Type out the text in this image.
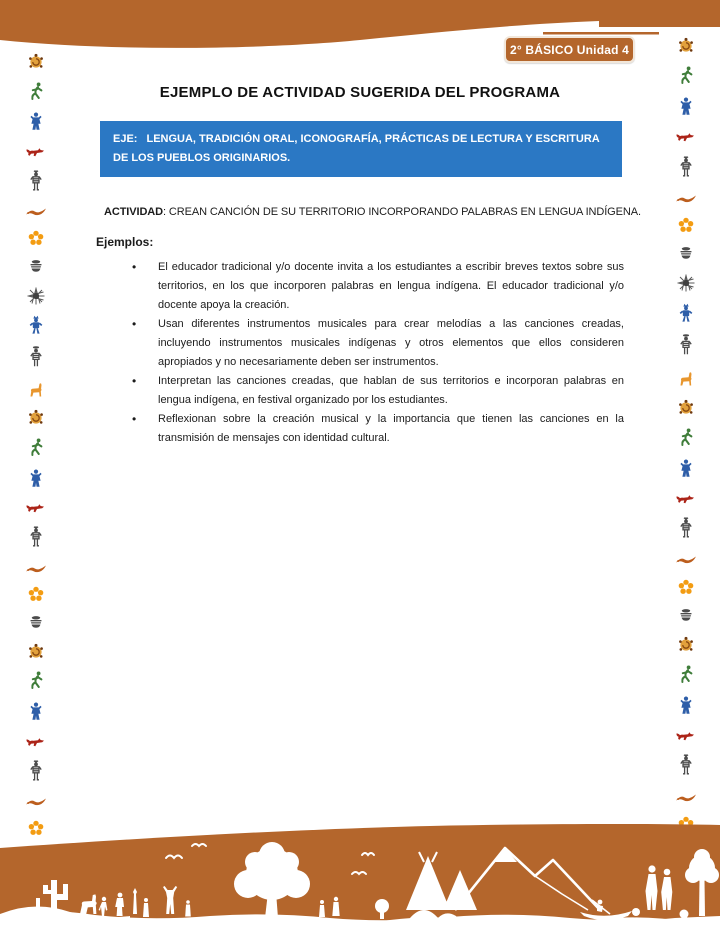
2° BÁSICO Unidad 4
EJEMPLO DE ACTIVIDAD SUGERIDA DEL PROGRAMA
EJE: LENGUA, TRADICIÓN ORAL, ICONOGRAFÍA, PRÁCTICAS DE LECTURA Y ESCRITURA DE LOS PUEBLOS ORIGINARIOS.

ACTIVIDAD: CREAN CANCIÓN DE SU TERRITORIO INCORPORANDO PALABRAS EN LENGUA INDÍGENA.

Ejemplos:

• El educador tradicional y/o docente invita a los estudiantes a escribir breves textos sobre sus territorios, en los que incorporen palabras en lengua indígena. El educador tradicional y/o docente apoya la creación.
• Usan diferentes instrumentos musicales para crear melodías a las canciones creadas, incluyendo instrumentos musicales indígenas y otros elementos que ellos consideren apropiados y no necesariamente deben ser instrumentos.
• Interpretan las canciones creadas, que hablan de sus territorios e incorporan palabras en lengua indígena, en festival organizado por los estudiantes.
• Reflexionan sobre la creación musical y la importancia que tienen las canciones en la transmisión de mensajes con identidad cultural.
